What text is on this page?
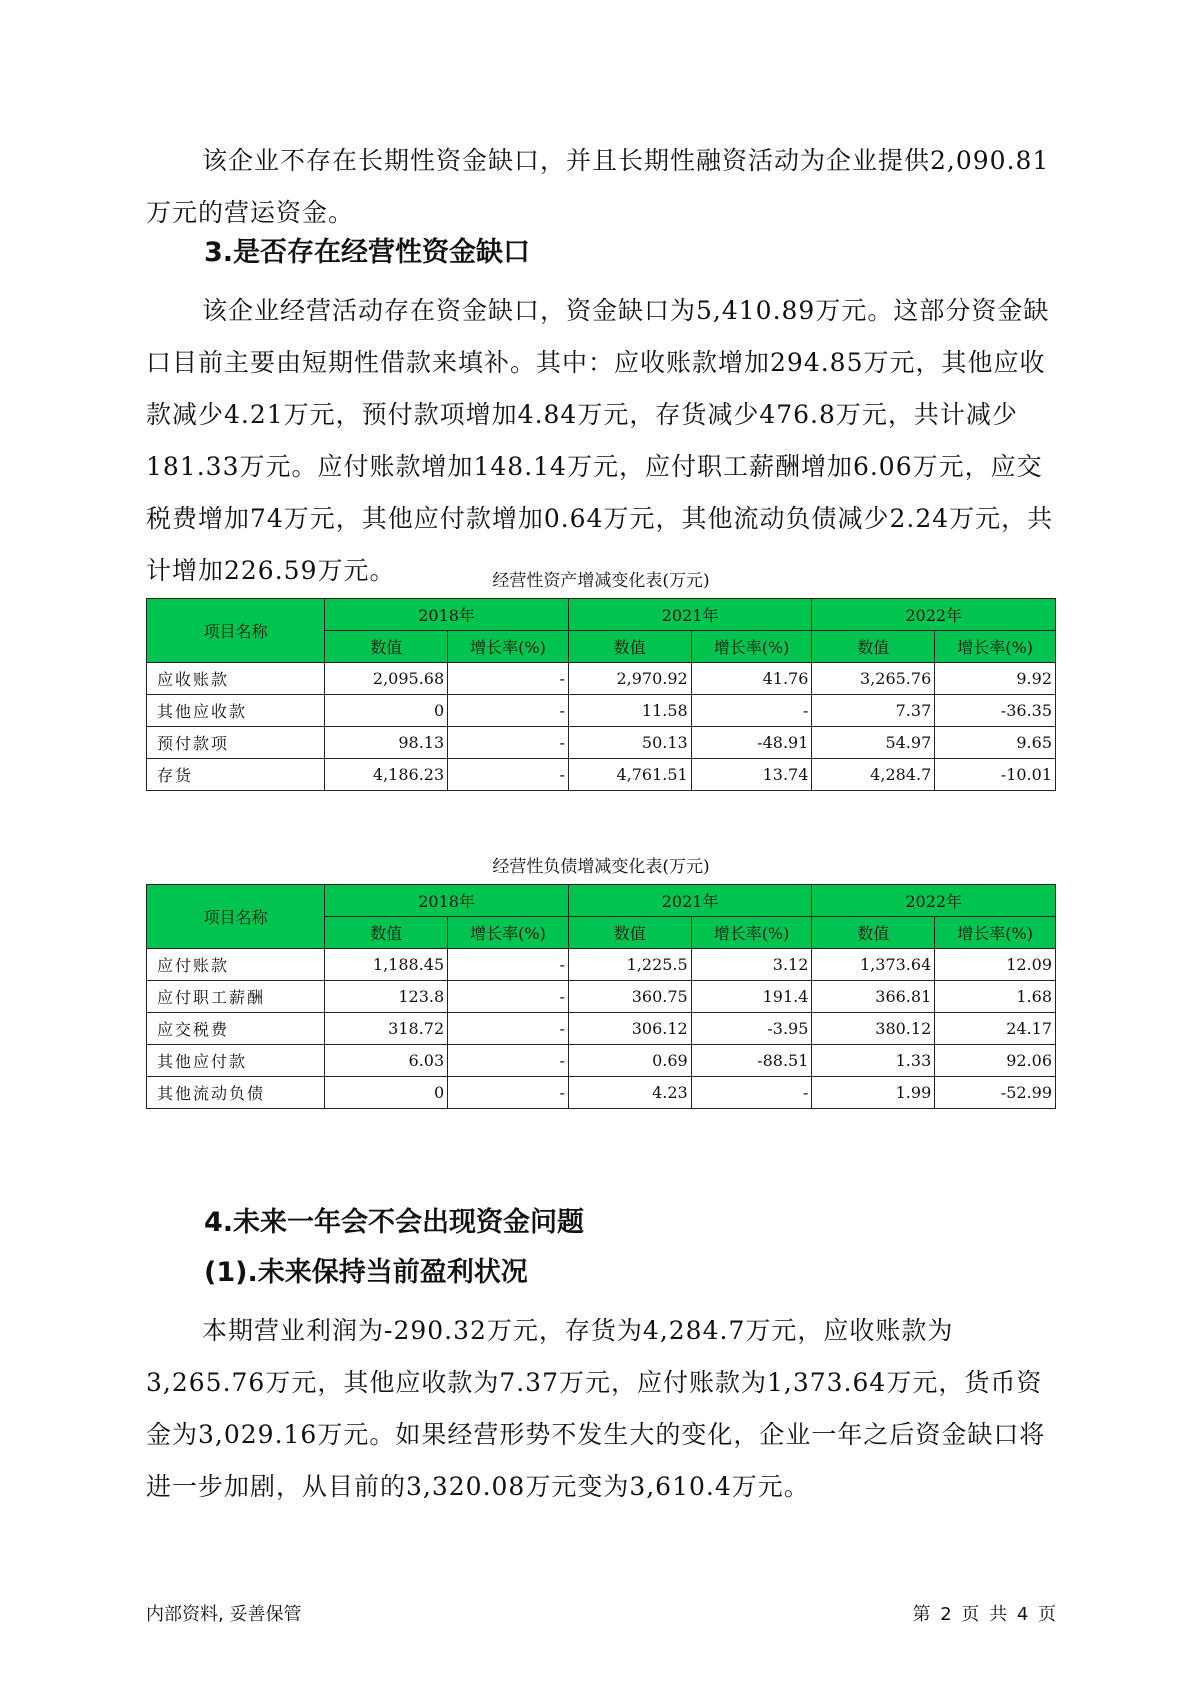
该企业不存在长期性资金缺口，并且长期性融资活动为企业提供2,090.81万元的营运资金。

3.是否存在经营性资金缺口

该企业经营活动存在资金缺口，资金缺口为5,410.89万元。这部分资金缺口目前主要由短期性借款来填补。其中：应收账款增加294.85万元，其他应收款减少4.21万元，预付款项增加4.84万元，存货减少476.8万元，共计减少181.33万元。应付账款增加148.14万元，应付职工薪酬增加6.06万元，应交税费增加74万元，其他应付款增加0.64万元，其他流动负债减少2.24万元，共计增加226.59万元。	经营性资产增减变化表(万元)

项目名称	2018年		2021年		2022年	
	数值	增长率(%)	数值	增长率(%)	数值	增长率(%)
应收账款	2,095.68	-	2,970.92	41.76	3,265.76	9.92
其他应收款	0	-	11.58	-	7.37	-36.35
预付款项	98.13	-	50.13	-48.91	54.97	9.65
存货	4,186.23	-	4,761.51	13.74	4,284.7	-10.01

经营性负债增减变化表(万元)

项目名称	2018年		2021年		2022年	
	数值	增长率(%)	数值	增长率(%)	数值	增长率(%)
应付账款	1,188.45	-	1,225.5	3.12	1,373.64	12.09
应付职工薪酬	123.8	-	360.75	191.4	366.81	1.68
应交税费	318.72	-	306.12	-3.95	380.12	24.17
其他应付款	6.03	-	0.69	-88.51	1.33	92.06
其他流动负债	0	-	4.23	-	1.99	-52.99
4.未来一年会不会出现资金问题
(1).未来保持当前盈利状况

本期营业利润为-290.32万元，存货为4,284.7万元，应收账款为3,265.76万元，其他应收款为7.37万元，应付账款为1,373.64万元，货币资金为3,029.16万元。如果经营形势不发生大的变化，企业一年之后资金缺口将进一步加剧，从目前的3,320.08万元变为3,610.4万元。

内部资料, 妥善保管	第 2 页 共 4 页
